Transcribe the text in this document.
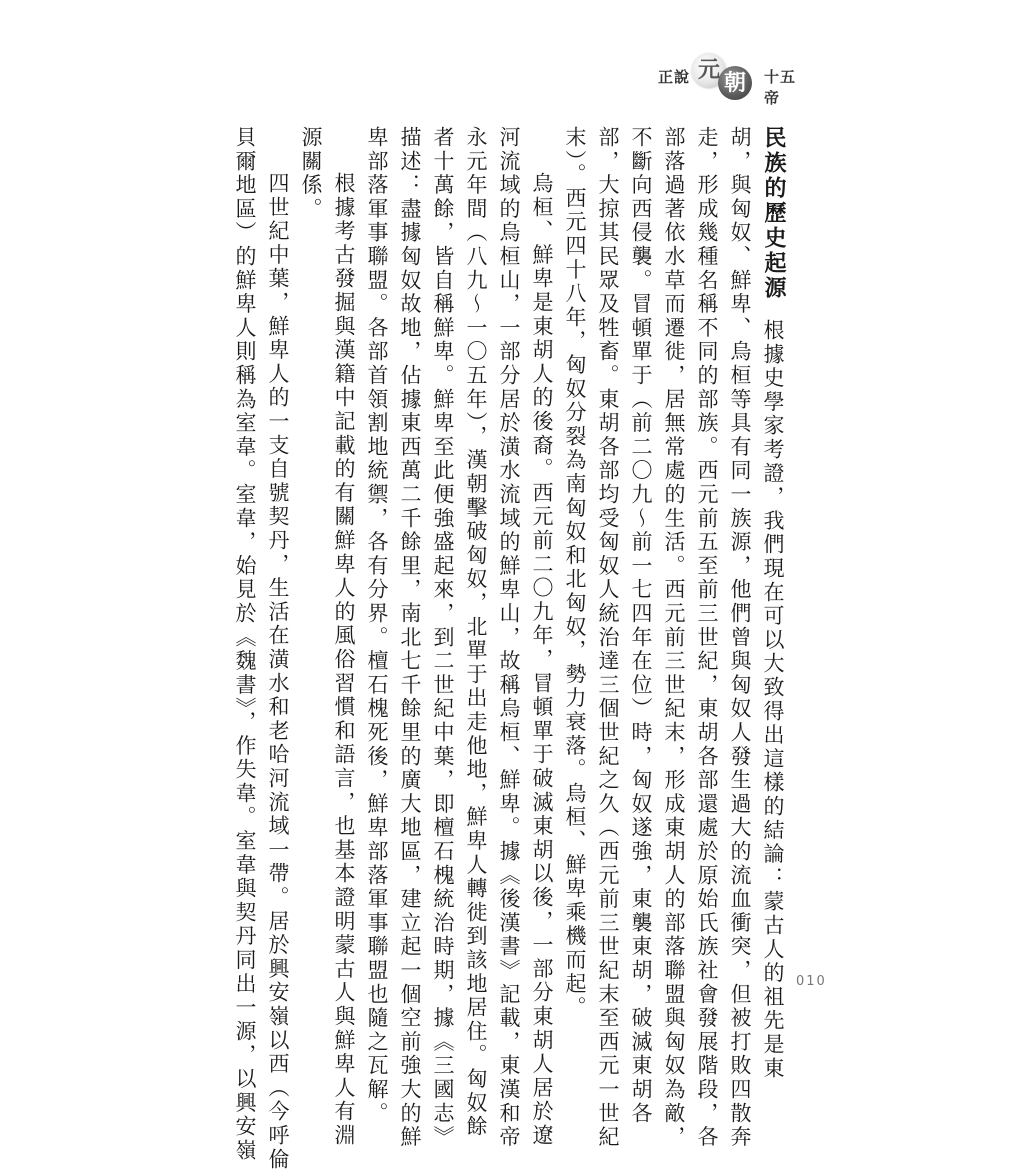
正說 元 朝 十五帝
民族的歷史起源根據史學家考證，我們現在可以大致得出這樣的結論：蒙古人的祖先是東
胡，與匈奴、鮮卑、烏桓等具有同一族源，他們曾與匈奴人發生過大的流血衝突，但被打敗四散奔
走，形成幾種名稱不同的部族。西元前五至前三世紀，東胡各部還處於原始氏族社會發展階段，各
部落過著依水草而遷徙，居無常處的生活。西元前三世紀末，形成東胡人的部落聯盟與匈奴為敵，
不斷向西侵襲。冒頓單于（前二〇九～前一七四年在位）時，匈奴遂強，東襲東胡，破滅東胡各
部，大掠其民眾及牲畜。東胡各部均受匈奴人統治達三個世紀之久（西元前三世紀末至西元一世紀
末）。西元四十八年，匈奴分裂為南匈奴和北匈奴，勢力衰落。烏桓、鮮卑乘機而起。
烏桓、鮮卑是東胡人的後裔。西元前二〇九年，冒頓單于破滅東胡以後，一部分東胡人居於遼
河流域的烏桓山，一部分居於潢水流域的鮮卑山，故稱烏桓、鮮卑。據《後漢書》記載，東漢和帝
永元年間（八九～一〇五年），漢朝擊破匈奴，北單于出走他地，鮮卑人轉徙到該地居住。匈奴餘
者十萬餘，皆自稱鮮卑。鮮卑至此便強盛起來，到二世紀中葉，即檀石槐統治時期，據《三國志》
描述：盡據匈奴故地，佔據東西萬二千餘里，南北七千餘里的廣大地區，建立起一個空前強大的鮮
卑部落軍事聯盟。各部首領割地統禦，各有分界。檀石槐死後，鮮卑部落軍事聯盟也隨之瓦解。
根據考古發掘與漢籍中記載的有關鮮卑人的風俗習慣和語言，也基本證明蒙古人與鮮卑人有淵
源關係。
四世紀中葉，鮮卑人的一支自號契丹，生活在潢水和老哈河流域一帶。居於興安嶺以西（今呼倫
貝爾地區）的鮮卑人則稱為室韋。室韋，始見於《魏書》，作失韋。室韋與契丹同出一源，以興安嶺	010
